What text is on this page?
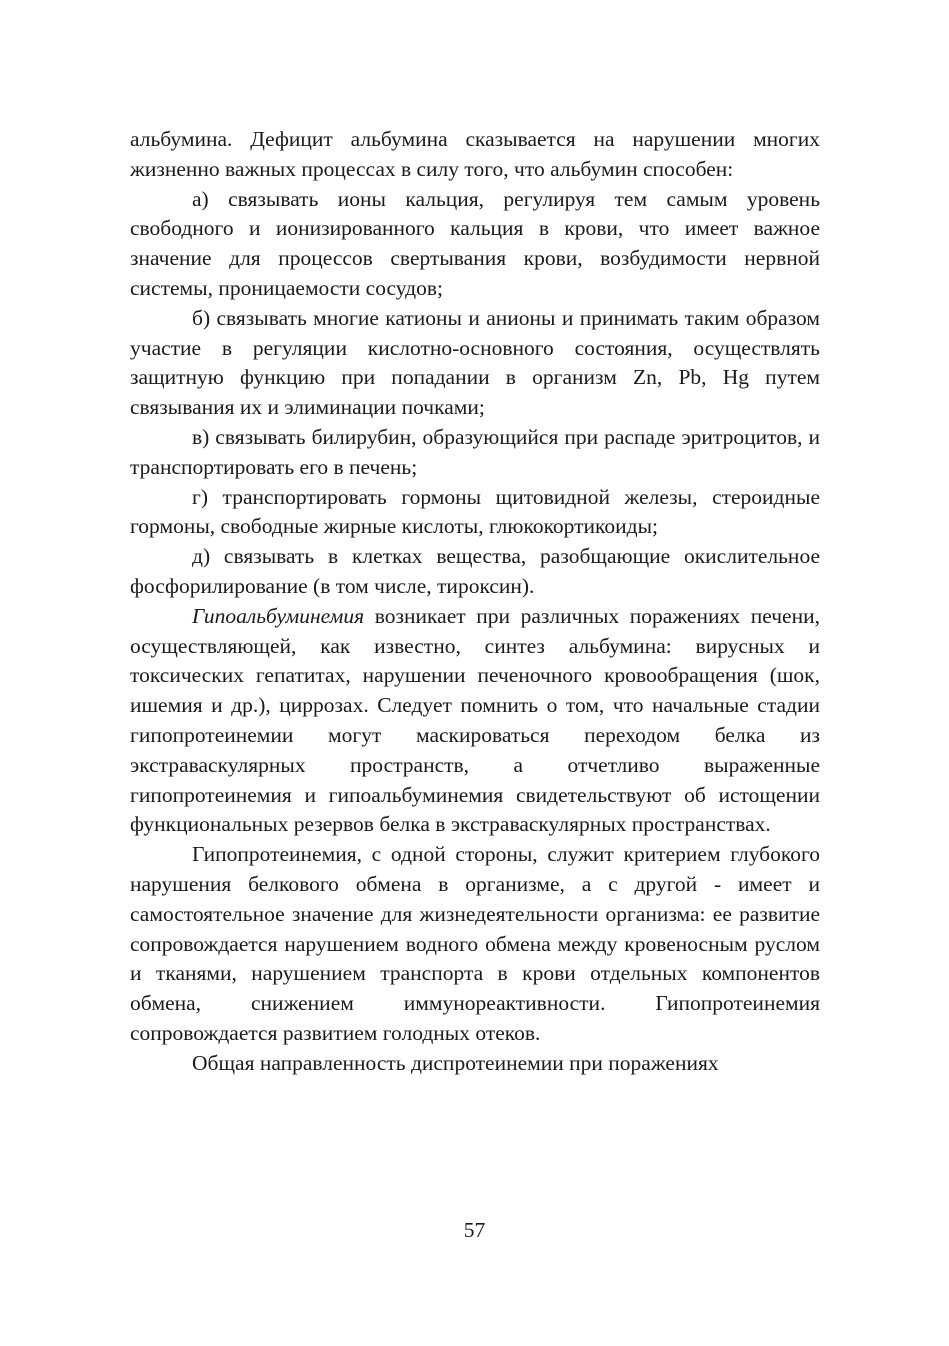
альбумина. Дефицит альбумина сказывается на нарушении многих жизненно важных процессах в силу того, что альбумин способен:

а) связывать ионы кальция, регулируя тем самым уровень свободного и ионизированного кальция в крови, что имеет важное значение для процессов свертывания крови, возбудимости нервной системы, проницаемости сосудов;

б) связывать многие катионы и анионы и принимать таким образом участие в регуляции кислотно-основного состояния, осуществлять защитную функцию при попадании в организм Zn, Pb, Hg путем связывания их и элиминации почками;

в) связывать билирубин, образующийся при распаде эритроцитов, и транспортировать его в печень;

г) транспортировать гормоны щитовидной железы, стероидные гормоны, свободные жирные кислоты, глюкокортикоиды;

д) связывать в клетках вещества, разобщающие окислительное фосфорилирование (в том числе, тироксин).

Гипоальбуминемия возникает при различных поражениях печени, осуществляющей, как известно, синтез альбумина: вирусных и токсических гепатитах, нарушении печеночного кровообращения (шок, ишемия и др.), циррозах. Следует помнить о том, что начальные стадии гипопротеинемии могут маскироваться переходом белка из экстраваскулярных пространств, а отчетливо выраженные гипопротеинемия и гипоальбуминемия свидетельствуют об истощении функциональных резервов белка в экстраваскулярных пространствах.

Гипопротеинемия, с одной стороны, служит критерием глубокого нарушения белкового обмена в организме, а с другой - имеет и самостоятельное значение для жизнедеятельности организма: ее развитие сопровождается нарушением водного обмена между кровеносным руслом и тканями, нарушением транспорта в крови отдельных компонентов обмена, снижением иммунореактивности. Гипопротеинемия сопровождается развитием голодных отеков.

Общая направленность диспротеинемии при поражениях

57
